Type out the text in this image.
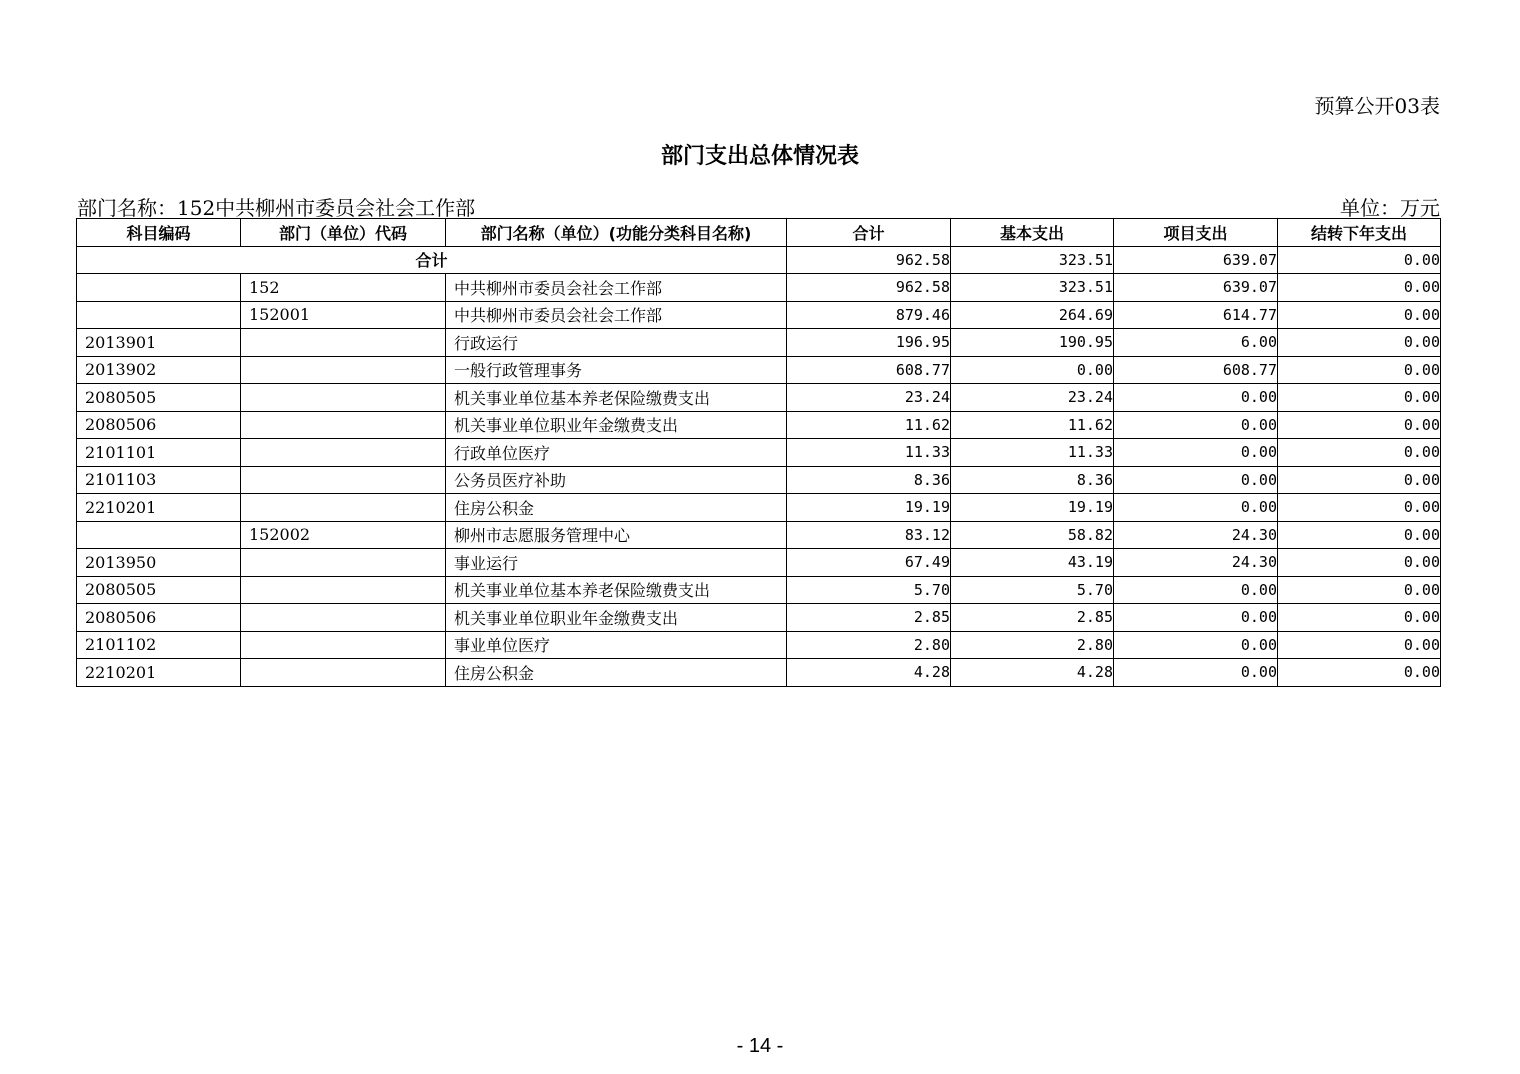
预算公开03表
部门支出总体情况表
部门名称：152中共柳州市委员会社会工作部	单位：万元
科目编码	部门（单位）代码	部门名称（单位）(功能分类科目名称)	合计	基本支出	项目支出	结转下年支出
合计			962.58	323.51	639.07	0.00
	152	中共柳州市委员会社会工作部	962.58	323.51	639.07	0.00
	152001	中共柳州市委员会社会工作部	879.46	264.69	614.77	0.00
2013901		行政运行	196.95	190.95	6.00	0.00
2013902		一般行政管理事务	608.77	0.00	608.77	0.00
2080505		机关事业单位基本养老保险缴费支出	23.24	23.24	0.00	0.00
2080506		机关事业单位职业年金缴费支出	11.62	11.62	0.00	0.00
2101101		行政单位医疗	11.33	11.33	0.00	0.00
2101103		公务员医疗补助	8.36	8.36	0.00	0.00
2210201		住房公积金	19.19	19.19	0.00	0.00
	152002	柳州市志愿服务管理中心	83.12	58.82	24.30	0.00
2013950		事业运行	67.49	43.19	24.30	0.00
2080505		机关事业单位基本养老保险缴费支出	5.70	5.70	0.00	0.00
2080506		机关事业单位职业年金缴费支出	2.85	2.85	0.00	0.00
2101102		事业单位医疗	2.80	2.80	0.00	0.00
2210201		住房公积金	4.28	4.28	0.00	0.00
- 14 -
